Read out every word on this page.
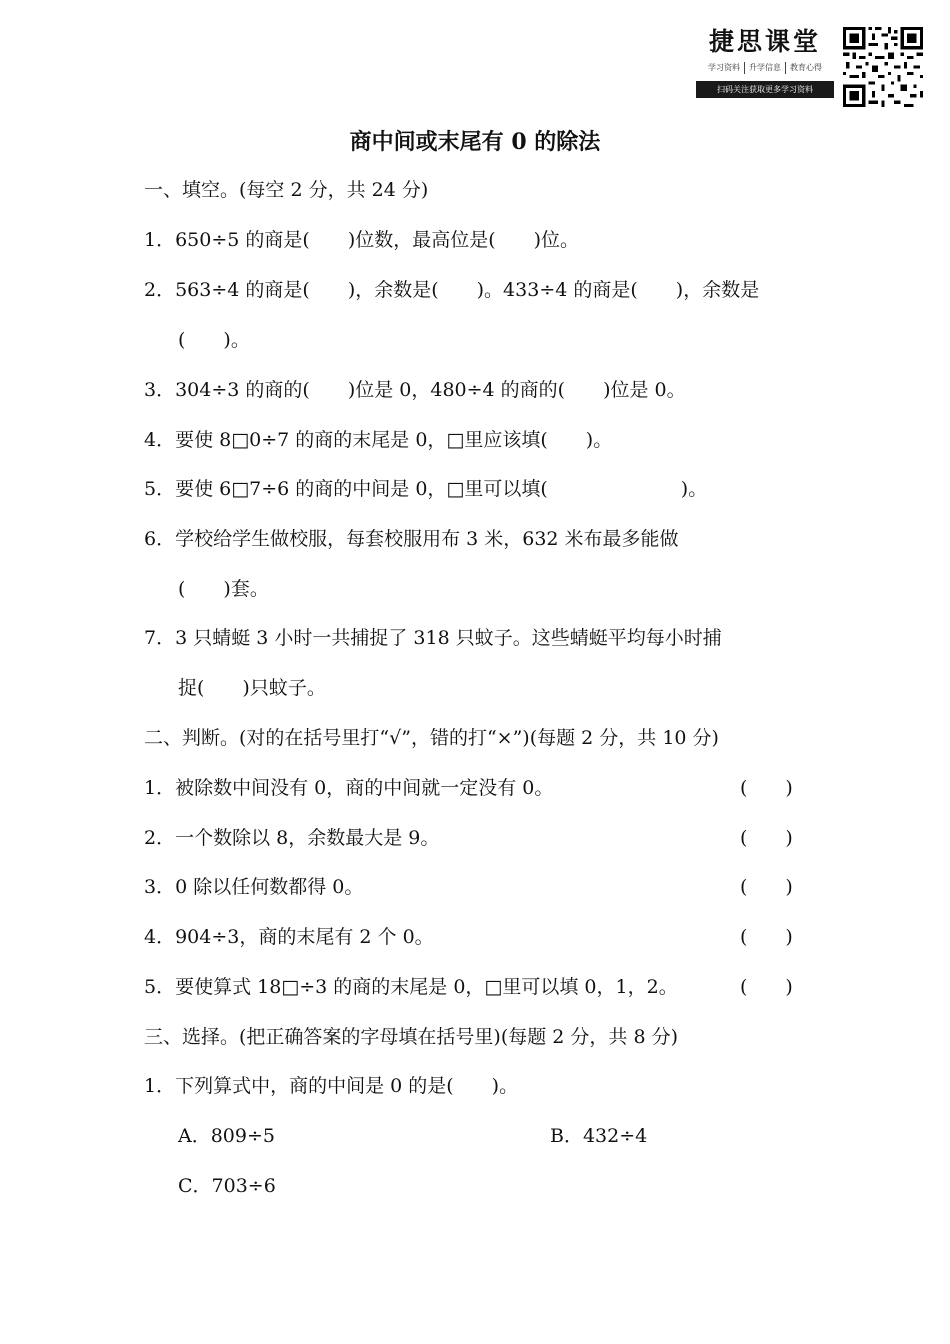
捷思课堂
学习资料	升学信息	教育心得
扫码关注获取更多学习资料
商中间或末尾有 0 的除法
一、填空。(每空 2 分，共 24 分)
1．650÷5 的商是(　　)位数，最高位是(　　)位。
2．563÷4 的商是(　　)，余数是(　　)。433÷4 的商是(　　)，余数是
(　　)。
3．304÷3 的商的(　　)位是 0，480÷4 的商的(　　)位是 0。
4．要使 8□0÷7 的商的末尾是 0，□里应该填(　　)。
5．要使 6□7÷6 的商的中间是 0，□里可以填(　　　　　　　)。
6．学校给学生做校服，每套校服用布 3 米，632 米布最多能做
(　　)套。
7．3 只蜻蜓 3 小时一共捕捉了 318 只蚊子。这些蜻蜓平均每小时捕
捉(　　)只蚊子。
二、判断。(对的在括号里打“√”，错的打“×”)(每题 2 分，共 10 分)
1．被除数中间没有 0，商的中间就一定没有 0。	(　　)
2．一个数除以 8，余数最大是 9。	(　　)
3．0 除以任何数都得 0。	(　　)
4．904÷3，商的末尾有 2 个 0。	(　　)
5．要使算式 18□÷3 的商的末尾是 0，□里可以填 0，1，2。	(　　)
三、选择。(把正确答案的字母填在括号里)(每题 2 分，共 8 分)
1．下列算式中，商的中间是 0 的是(　　)。
A．809÷5	B．432÷4
C．703÷6
